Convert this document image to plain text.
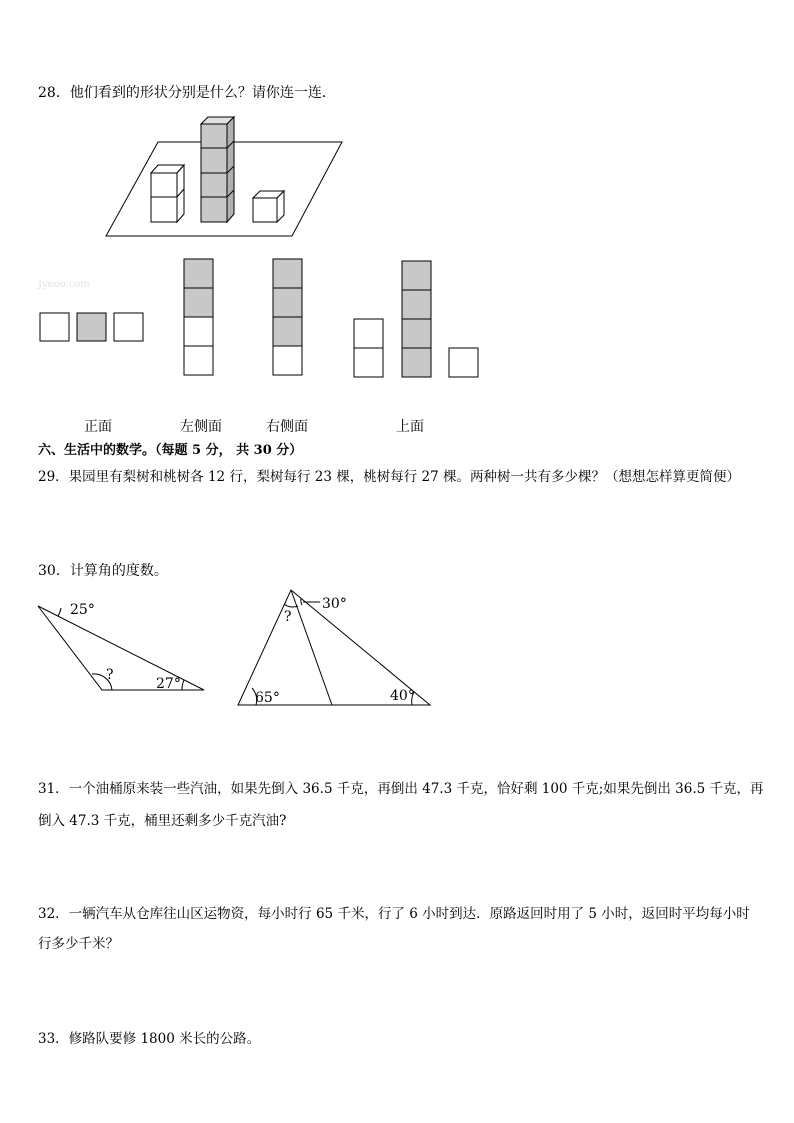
28．他们看到的形状分别是什么？请你连一连．
25°
?
27°
30°
?
65°	40°
Jyeoo.com
正面	左侧面	右侧面	上面
六、生活中的数学。（每题 5 分， 共 30 分）
29．果园里有梨树和桃树各 12 行，梨树每行 23 棵，桃树每行 27 棵。两种树一共有多少棵？（想想怎样算更简便）
30．计算角的度数。
31．一个油桶原来装一些汽油，如果先倒入 36.5 千克，再倒出 47.3 千克，恰好剩 100 千克;如果先倒出 36.5 千克，再
倒入 47.3 千克，桶里还剩多少千克汽油?
32．一辆汽车从仓库往山区运物资，每小时行 65 千米，行了 6 小时到达．原路返回时用了 5 小时，返回时平均每小时
行多少千米？
33．修路队要修 1800 米长的公路。
